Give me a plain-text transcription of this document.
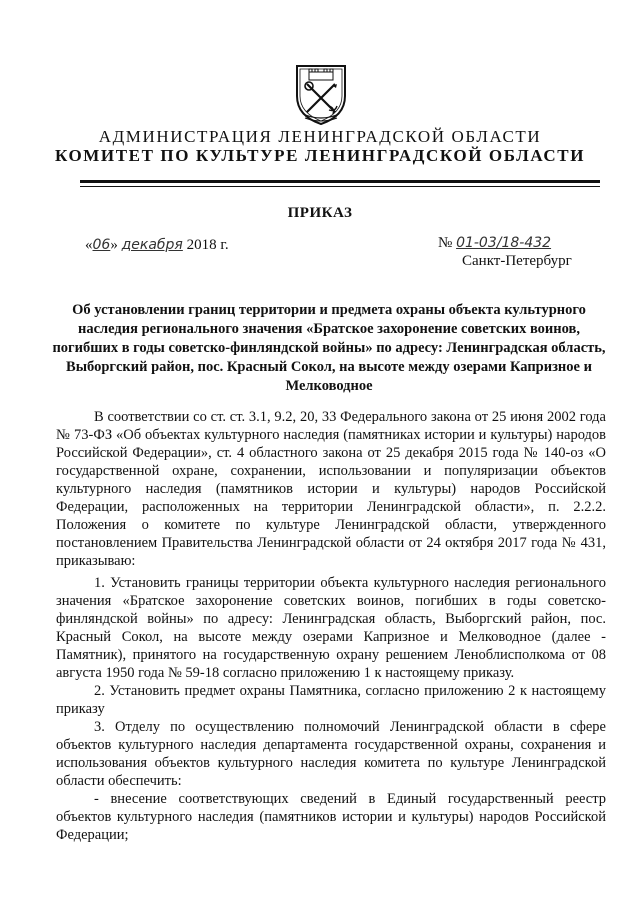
АДМИНИСТРАЦИЯ ЛЕНИНГРАДСКОЙ ОБЛАСТИ
КОМИТЕТ ПО КУЛЬТУРЕ ЛЕНИНГРАДСКОЙ ОБЛАСТИ
ПРИКАЗ
«06» декабря 2018 г.	№ 01-03/18-432
Санкт-Петербург
Об установлении границ территории и предмета охраны объекта культурного наследия регионального значения «Братское захоронение советских воинов, погибших в годы советско-финляндской войны» по адресу: Ленинградская область, Выборгский район, пос. Красный Сокол, на высоте между озерами Капризное и Мелководное

В соответствии со ст. ст. 3.1, 9.2, 20, 33 Федерального закона от 25 июня 2002 года № 73-ФЗ «Об объектах культурного наследия (памятниках истории и культуры) народов Российской Федерации», ст. 4 областного закона от 25 декабря 2015 года № 140-оз «О государственной охране, сохранении, использовании и популяризации объектов культурного наследия (памятников истории и культуры) народов Российской Федерации, расположенных на территории Ленинградской области», п. 2.2.2. Положения о комитете по культуре Ленинградской области, утвержденного постановлением Правительства Ленинградской области от 24 октября 2017 года № 431, приказываю:

1. Установить границы территории объекта культурного наследия регионального значения «Братское захоронение советских воинов, погибших в годы советско-финляндской войны» по адресу: Ленинградская область, Выборгский район, пос. Красный Сокол, на высоте между озерами Капризное и Мелководное (далее - Памятник), принятого на государственную охрану решением Леноблисполкома от 08 августа 1950 года № 59-18 согласно приложению 1 к настоящему приказу.

2. Установить предмет охраны Памятника, согласно приложению 2 к настоящему приказу

3. Отделу по осуществлению полномочий Ленинградской области в сфере объектов культурного наследия департамента государственной охраны, сохранения и использования объектов культурного наследия комитета по культуре Ленинградской области обеспечить:

- внесение соответствующих сведений в Единый государственный реестр объектов культурного наследия (памятников истории и культуры) народов Российской Федерации;
